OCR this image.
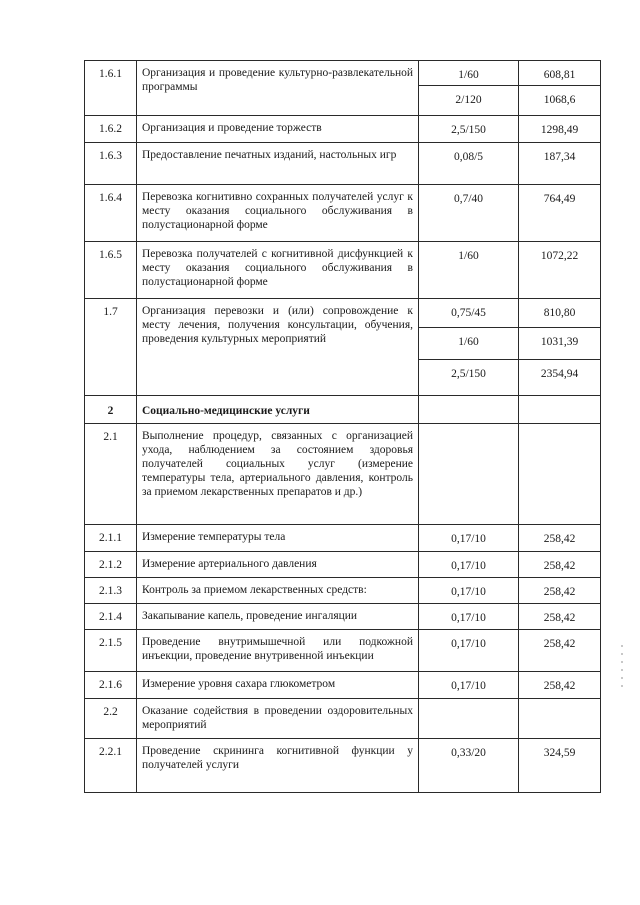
1.6.1	Организация и проведение культурно-развлекательной программы	1/60	608,81
		2/120	1068,6
1.6.2	Организация и проведение торжеств	2,5/150	1298,49
1.6.3	Предоставление печатных изданий, настольных игр	0,08/5	187,34
1.6.4	Перевозка когнитивно сохранных получателей услуг к месту оказания социального обслуживания в полустационарной форме	0,7/40	764,49
1.6.5	Перевозка получателей с когнитивной дисфункцией к месту оказания социального обслуживания в полустационарной форме	1/60	1072,22
1.7	Организация перевозки и (или) сопровождение к месту лечения, получения консультации, обучения, проведения культурных мероприятий	0,75/45	810,80
		1/60	1031,39
		2,5/150	2354,94
2	Социально-медицинские услуги		
2.1	Выполнение процедур, связанных с организацией ухода, наблюдением за состоянием здоровья получателей социальных услуг (измерение температуры тела, артериального давления, контроль за приемом лекарственных препаратов и др.)		
2.1.1	Измерение температуры тела	0,17/10	258,42
2.1.2	Измерение артериального давления	0,17/10	258,42
2.1.3	Контроль за приемом лекарственных средств:	0,17/10	258,42
2.1.4	Закапывание капель, проведение ингаляции	0,17/10	258,42
2.1.5	Проведение внутримышечной или подкожной инъекции, проведение внутривенной инъекции	0,17/10	258,42
2.1.6	Измерение уровня сахара глюкометром	0,17/10	258,42
2.2	Оказание содействия в проведении оздоровительных мероприятий		
2.2.1	Проведение скрининга когнитивной функции у получателей услуги	0,33/20	324,59
